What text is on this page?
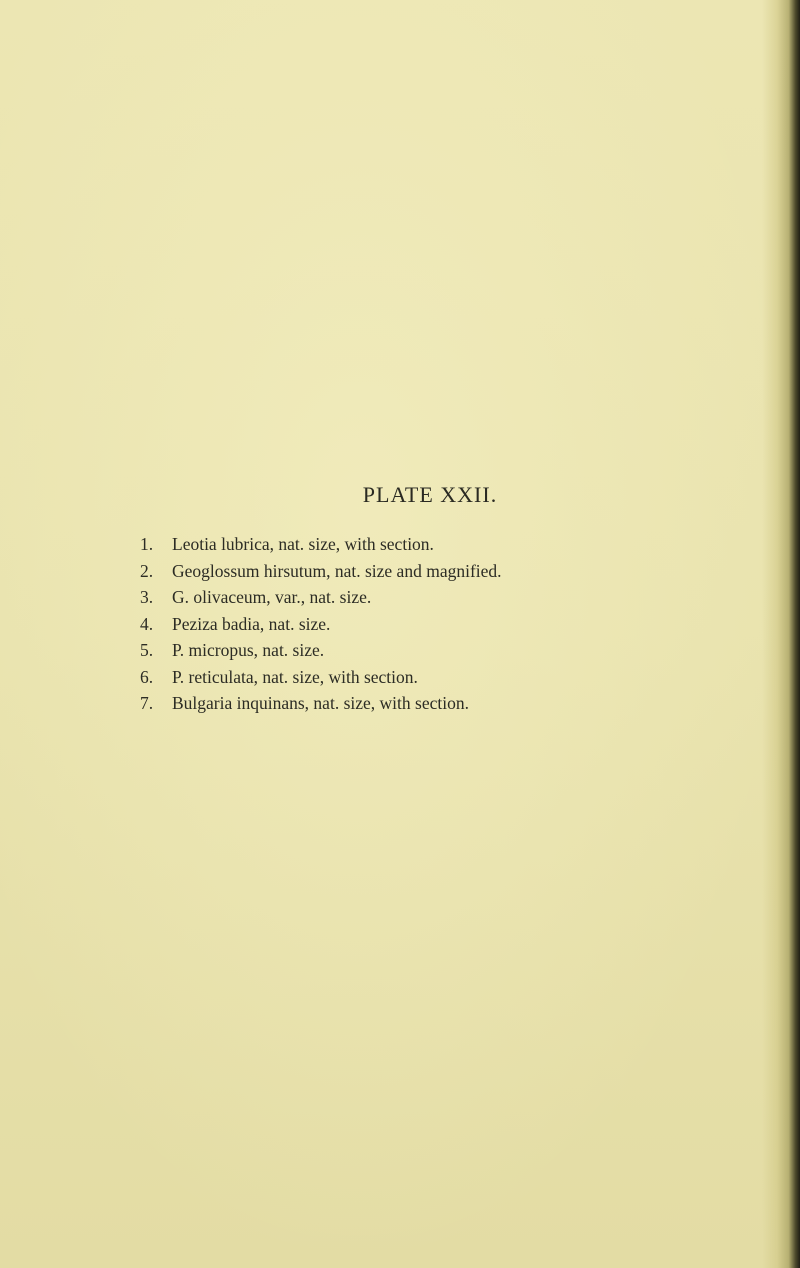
PLATE XXII.
1. Leotia lubrica, nat. size, with section.
2. Geoglossum hirsutum, nat. size and magnified.
3. G. olivaceum, var., nat. size.
4. Peziza badia, nat. size.
5. P. micropus, nat. size.
6. P. reticulata, nat. size, with section.
7. Bulgaria inquinans, nat. size, with section.
